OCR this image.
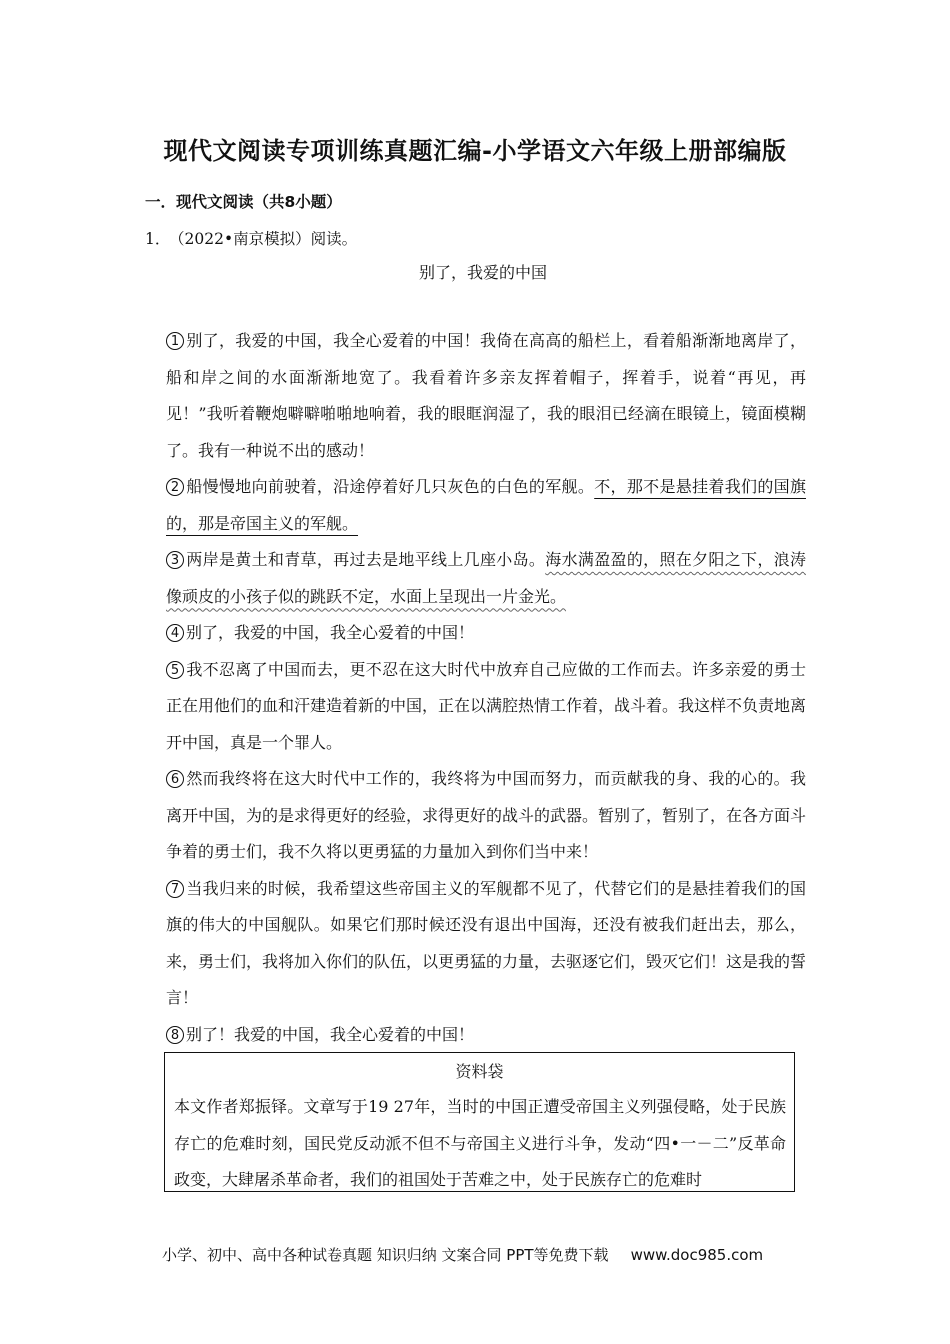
现代文阅读专项训练真题汇编-小学语文六年级上册部编版
一．现代文阅读（共8小题）
1．（2022•南京模拟）阅读。
别了，我爱的中国

1 别了，我爱的中国，我全心爱着的中国！我倚在高高的船栏上，看着船渐渐地离岸了，船和岸之间的水面渐渐地宽了。我看着许多亲友挥着帽子，挥着手，说着“再见，再见！”我听着鞭炮噼噼啪啪地响着，我的眼眶润湿了，我的眼泪已经滴在眼镜上，镜面模糊了。我有一种说不出的感动！

2 船慢慢地向前驶着，沿途停着好几只灰色的白色的军舰。不，那不是悬挂着我们的国旗的，那是帝国主义的军舰。

3 两岸是黄土和青草，再过去是地平线上几座小岛。海水满盈盈的，照在夕阳之下，浪涛像顽皮的小孩子似的跳跃不定，水面上呈现出一片金光。

4 别了，我爱的中国，我全心爱着的中国！

5 我不忍离了中国而去，更不忍在这大时代中放弃自己应做的工作而去。许多亲爱的勇士正在用他们的血和汗建造着新的中国，正在以满腔热情工作着，战斗着。我这样不负责地离开中国，真是一个罪人。

6 然而我终将在这大时代中工作的，我终将为中国而努力，而贡献我的身、我的心的。我离开中国，为的是求得更好的经验，求得更好的战斗的武器。暂别了，暂别了，在各方面斗争着的勇士们，我不久将以更勇猛的力量加入到你们当中来！

7 当我归来的时候，我希望这些帝国主义的军舰都不见了，代替它们的是悬挂着我们的国旗的伟大的中国舰队。如果它们那时候还没有退出中国海，还没有被我们赶出去，那么，来，勇士们，我将加入你们的队伍，以更勇猛的力量，去驱逐它们，毁灭它们！这是我的誓言！

8 别了！我爱的中国，我全心爱着的中国！

资料袋
本文作者郑振铎。文章写于19 27年，当时的中国正遭受帝国主义列强侵略，处于民族存亡的危难时刻，国民党反动派不但不与帝国主义进行斗争，发动“四•一－二”反革命政变，大肆屠杀革命者，我们的祖国处于苦难之中，处于民族存亡的危难时
小学、初中、高中各种试卷真题 知识归纳 文案合同 PPT等免费下载 www.doc985.com
